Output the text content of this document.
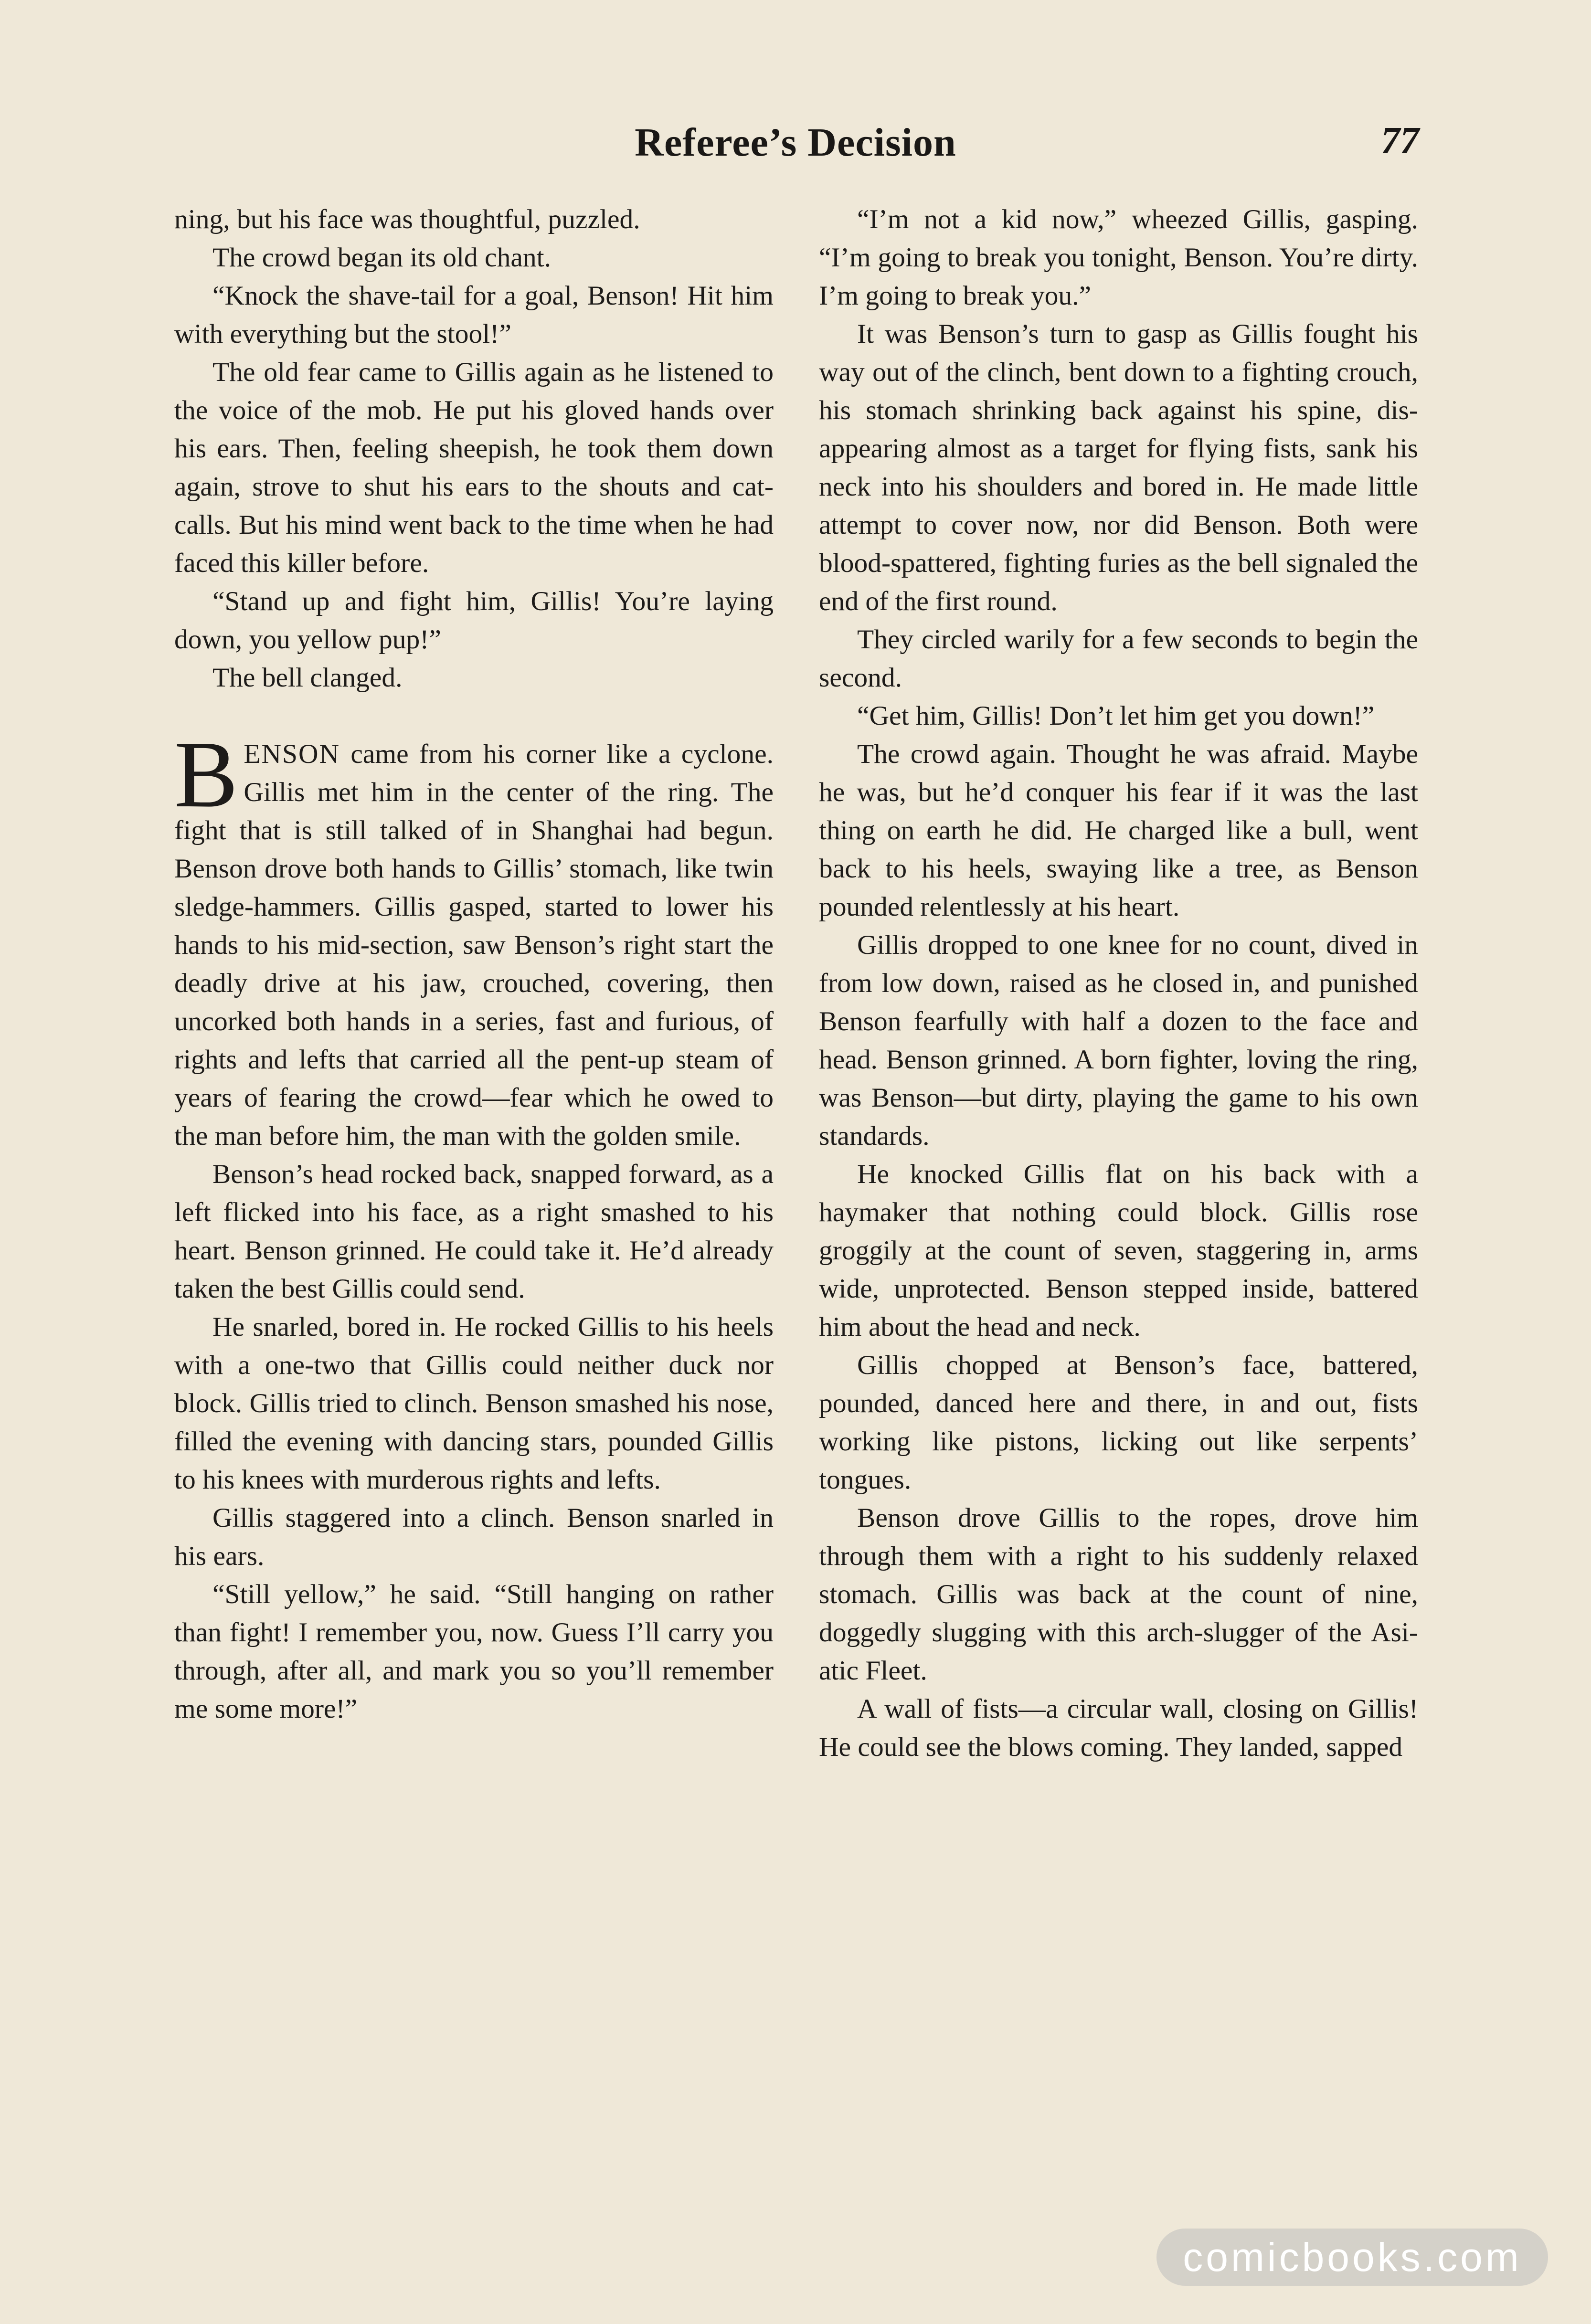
Referee’s Decision	77

ning, but his face was thoughtful, puzzled.

The crowd began its old chant.

“Knock the shave-tail for a goal, Benson! Hit him with everything but the stool!”

The old fear came to Gillis again as he listened to the voice of the mob. He put his gloved hands over his ears. Then, feeling sheepish, he took them down again, strove to shut his ears to the shouts and cat-calls. But his mind went back to the time when he had faced this killer before.

“Stand up and fight him, Gillis! You’re laying down, you yellow pup!”

The bell clanged.

BENSON came from his corner like a cyclone. Gillis met him in the center of the ring. The fight that is still talked of in Shanghai had begun. Benson drove both hands to Gillis’ stomach, like twin sledge-hammers. Gillis gasped, started to lower his hands to his mid-section, saw Benson’s right start the deadly drive at his jaw, crouched, covering, then uncorked both hands in a series, fast and furious, of rights and lefts that carried all the pent-up steam of years of fearing the crowd—fear which he owed to the man before him, the man with the golden smile.

Benson’s head rocked back, snapped forward, as a left flicked into his face, as a right smashed to his heart. Benson grinned. He could take it. He’d already taken the best Gillis could send.

He snarled, bored in. He rocked Gillis to his heels with a one-two that Gillis could neither duck nor block. Gillis tried to clinch. Benson smashed his nose, filled the evening with dancing stars, pounded Gillis to his knees with murderous rights and lefts.

Gillis staggered into a clinch. Benson snarled in his ears.

“Still yellow,” he said. “Still hanging on rather than fight! I remember you, now. Guess I’ll carry you through, after all, and mark you so you’ll remember me some more!”

“I’m not a kid now,” wheezed Gillis, gasping. “I’m going to break you tonight, Benson. You’re dirty. I’m going to break you.”

It was Benson’s turn to gasp as Gillis fought his way out of the clinch, bent down to a fighting crouch, his stomach shrinking back against his spine, disappearing almost as a target for flying fists, sank his neck into his shoulders and bored in. He made little attempt to cover now, nor did Benson. Both were blood-spattered, fighting furies as the bell signaled the end of the first round.

They circled warily for a few seconds to begin the second.

“Get him, Gillis! Don’t let him get you down!”

The crowd again. Thought he was afraid. Maybe he was, but he’d conquer his fear if it was the last thing on earth he did. He charged like a bull, went back to his heels, swaying like a tree, as Benson pounded relentlessly at his heart.

Gillis dropped to one knee for no count, dived in from low down, raised as he closed in, and punished Benson fearfully with half a dozen to the face and head. Benson grinned. A born fighter, loving the ring, was Benson—but dirty, playing the game to his own standards.

He knocked Gillis flat on his back with a haymaker that nothing could block. Gillis rose groggily at the count of seven, staggering in, arms wide, unprotected. Benson stepped inside, battered him about the head and neck.

Gillis chopped at Benson’s face, battered, pounded, danced here and there, in and out, fists working like pistons, licking out like serpents’ tongues.

Benson drove Gillis to the ropes, drove him through them with a right to his suddenly relaxed stomach. Gillis was back at the count of nine, doggedly slugging with this arch-slugger of the Asiatic Fleet.

A wall of fists—a circular wall, closing on Gillis! He could see the blows coming. They landed, sapped

comicbooks.com
